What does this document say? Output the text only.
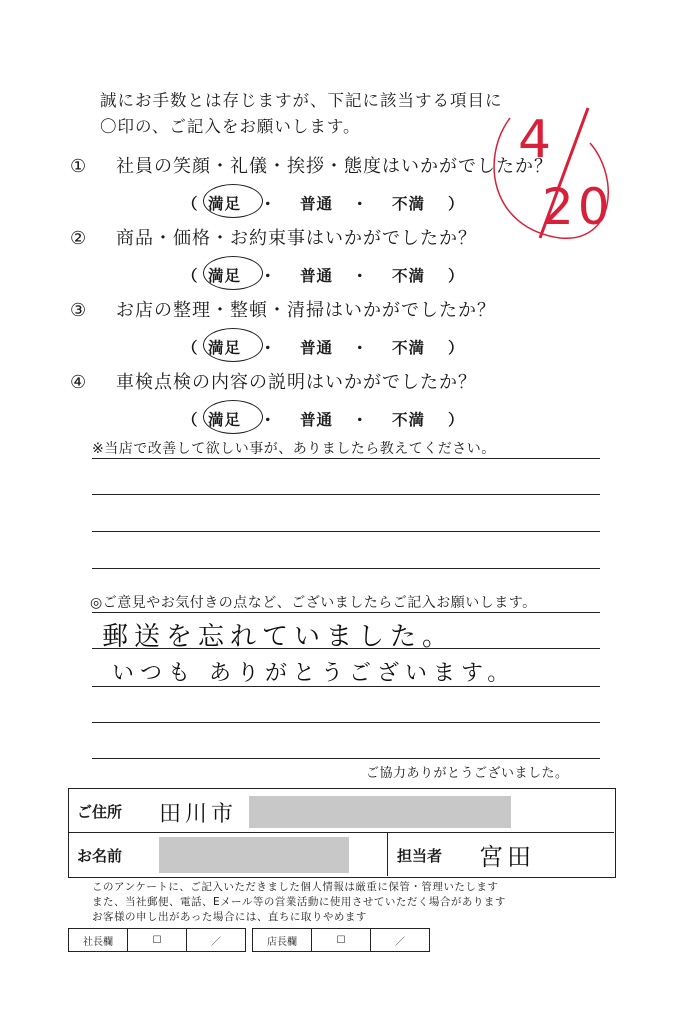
誠にお手数とは存じますが、下記に該当する項目に
〇印の、ご記入をお願いします。	4
20
① 社員の笑顔・礼儀・挨拶・態度はいかがでしたか？
（ 満足 ・ 普通 ・ 不満 ）
② 商品・価格・お約束事はいかがでしたか？
（ 満足 ・ 普通 ・ 不満 ）
③ お店の整理・整頓・清掃はいかがでしたか？
（ 満足 ・ 普通 ・ 不満 ）
④ 車検点検の内容の説明はいかがでしたか？
（ 満足 ・ 普通 ・ 不満 ）
※当店で改善して欲しい事が、ありましたら教えてください。
◎ご意見やお気付きの点など、ございましたらご記入お願いします。
郵送を忘れていました。
いつも ありがとうございます。
ご協力ありがとうございました。
ご住所 田川市
お名前	担当者 宮田
このアンケートに、ご記入いただきました個人情報は厳重に保管・管理いたします
また、当社郵便、電話、Eメール等の営業活動に使用させていただく場合があります
お客様の申し出があった場合には、直ちに取りやめます
社長欄	☐	／	店長欄	☐	／
